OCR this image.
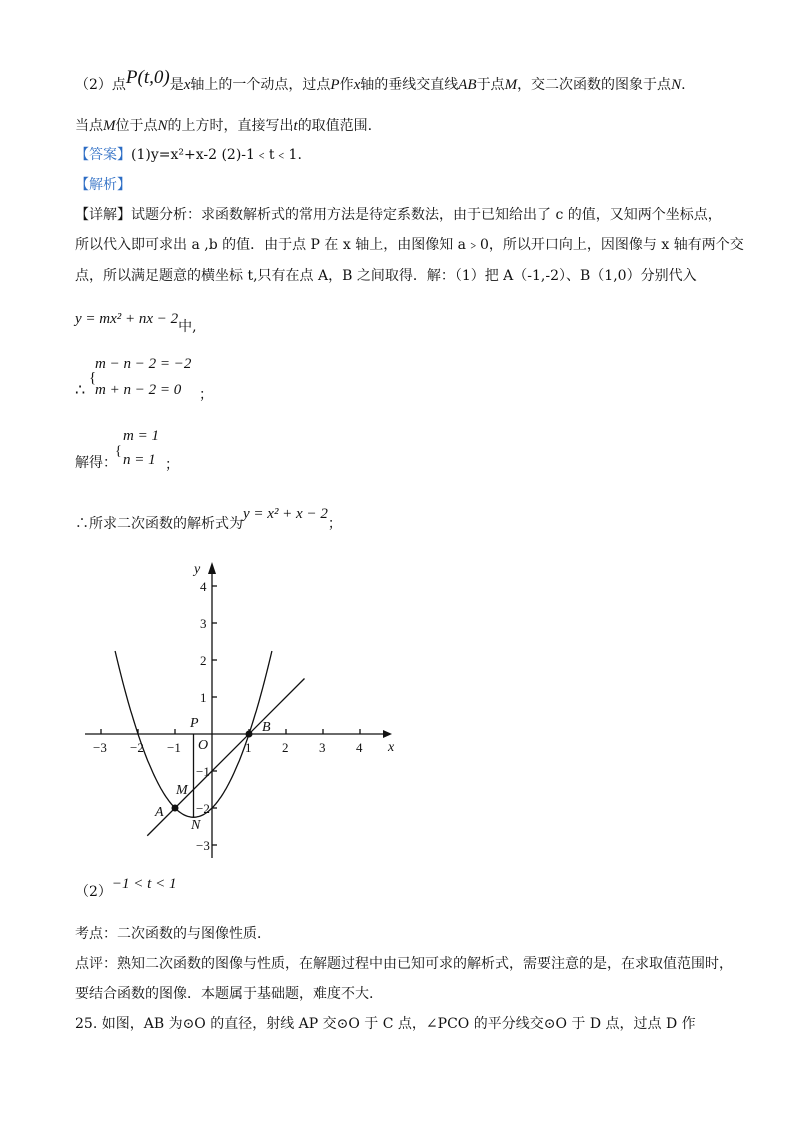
（2）点P(t,0)是x轴上的一个动点，过点P作x轴的垂线交直线AB于点M，交二次函数的图象于点N.
当点M位于点N的上方时，直接写出t的取值范围.
【答案】(1)y=x²+x-2 (2)-1﹤t﹤1.
【解析】
【详解】试题分析：求函数解析式的常用方法是待定系数法，由于已知给出了 c 的值，又知两个坐标点，
所以代入即可求出 a ,b 的值．由于点 P 在 x 轴上，由图像知 a﹥0，所以开口向上，因图像与 x 轴有两个交
点，所以满足题意的横坐标 t,只有在点 A，B 之间取得．解：（1）把 A（-1,-2）、B（1,0）分别代入
y = mx² + nx − 2中,
∴
{
m − n − 2 = −2
m + n − 2 = 0 ；
解得：
{
m = 1
n = 1 ；
∴所求二次函数的解析式为y = x² + x − 2；
x
y
O
P	B
M
A
N
−3 −2 −1	1 2 3 4
4
3
2
1
−1
−2
−3
（2）−1 < t < 1
考点：二次函数的与图像性质．
点评：熟知二次函数的图像与性质，在解题过程中由已知可求的解析式，需要注意的是，在求取值范围时，
要结合函数的图像．本题属于基础题，难度不大.
25. 如图，AB 为⊙O 的直径，射线 AP 交⊙O 于 C 点，∠PCO 的平分线交⊙O 于 D 点，过点 D 作
